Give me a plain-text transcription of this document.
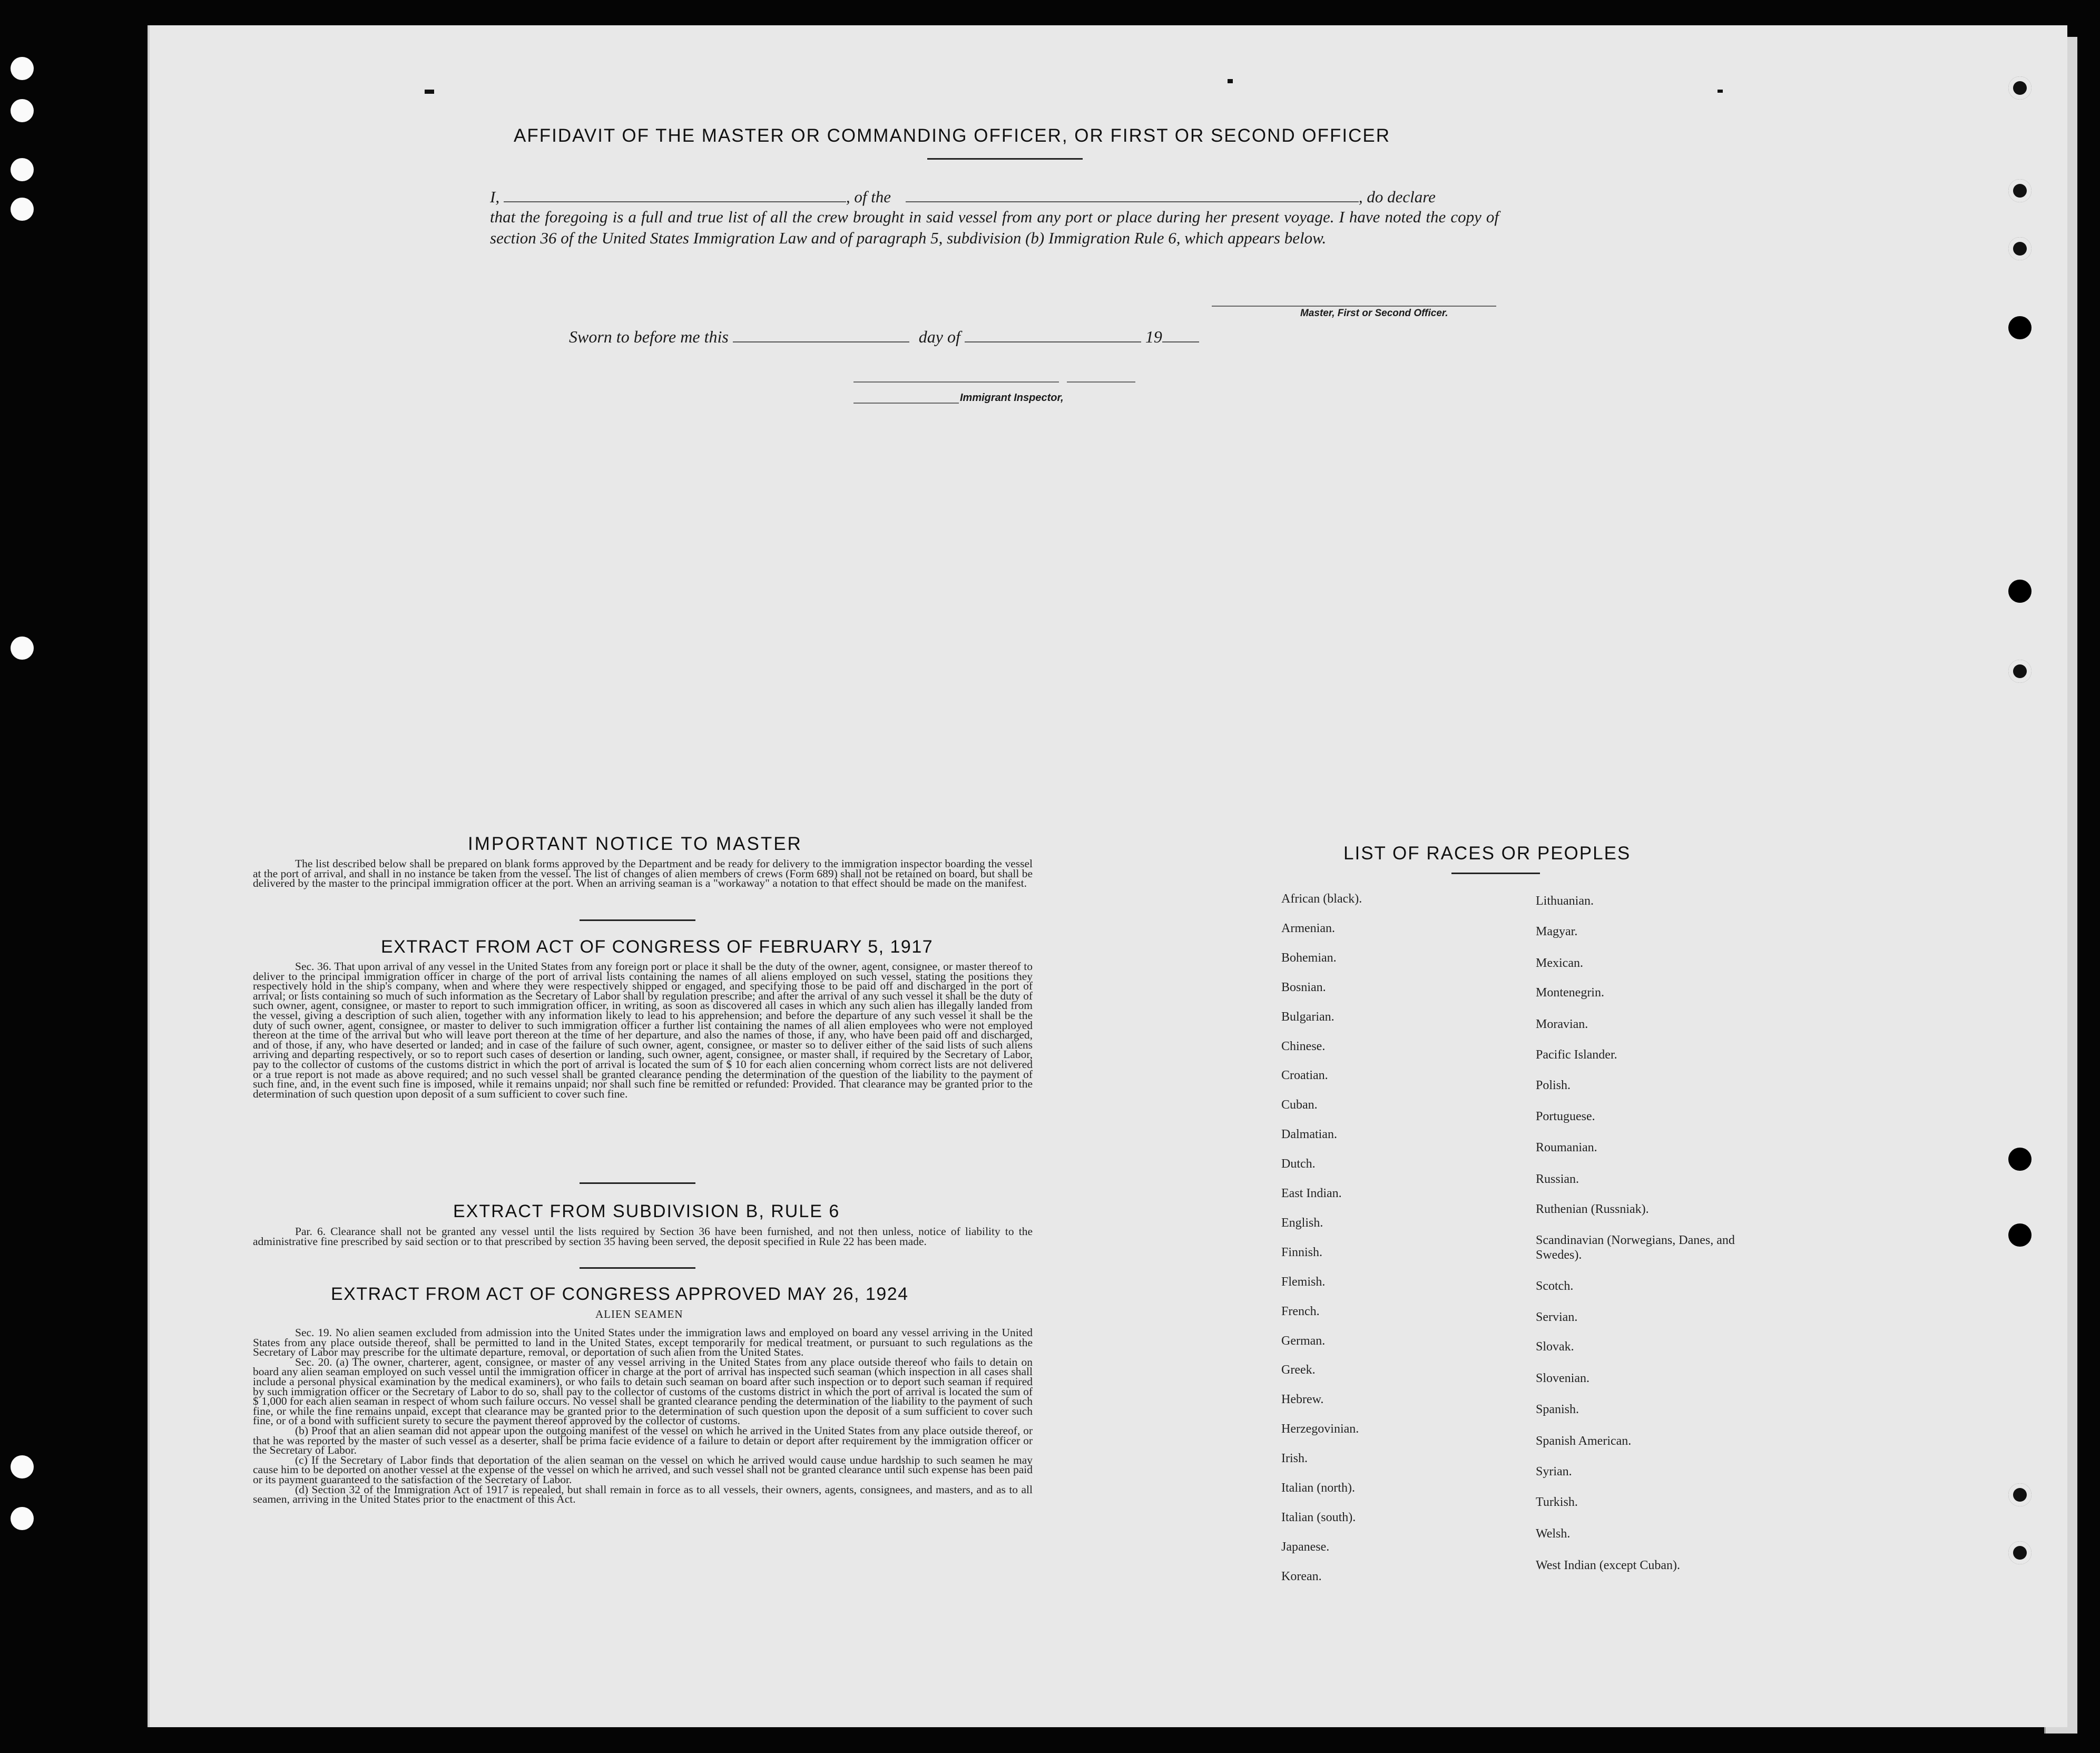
AFFIDAVIT OF THE MASTER OR COMMANDING OFFICER, OR FIRST OR SECOND OFFICER
I,	, of the	, do declare
that the foregoing is a full and true list of all the crew brought in said vessel from any port or place during her present voyage. I have noted the copy of section 36 of the United States Immigration Law and of paragraph 5, subdivision (b) Immigration Rule 6, which appears below.
Master, First or Second Officer.
Sworn to before me this	day of	19
Immigrant Inspector,
IMPORTANT NOTICE TO MASTER

The list described below shall be prepared on blank forms approved by the Department and be ready for delivery to the immigration inspector boarding the vessel at the port of arrival, and shall in no instance be taken from the vessel. The list of changes of alien members of crews (Form 689) shall not be retained on board, but shall be delivered by the master to the principal immigration officer at the port. When an arriving seaman is a "workaway" a notation to that effect should be made on the manifest.

EXTRACT FROM ACT OF CONGRESS OF FEBRUARY 5, 1917

Sec. 36. That upon arrival of any vessel in the United States from any foreign port or place it shall be the duty of the owner, agent, consignee, or master thereof to deliver to the principal immigration officer in charge of the port of arrival lists containing the names of all aliens employed on such vessel, stating the positions they respectively hold in the ship's company, when and where they were respectively shipped or engaged, and specifying those to be paid off and discharged in the port of arrival; or lists containing so much of such information as the Secretary of Labor shall by regulation prescribe; and after the arrival of any such vessel it shall be the duty of such owner, agent, consignee, or master to report to such immigration officer, in writing, as soon as discovered all cases in which any such alien has illegally landed from the vessel, giving a description of such alien, together with any information likely to lead to his apprehension; and before the departure of any such vessel it shall be the duty of such owner, agent, consignee, or master to deliver to such immigration officer a further list containing the names of all alien employees who were not employed thereon at the time of the arrival but who will leave port thereon at the time of her departure, and also the names of those, if any, who have been paid off and discharged, and of those, if any, who have deserted or landed; and in case of the failure of such owner, agent, consignee, or master so to deliver either of the said lists of such aliens arriving and departing respectively, or so to report such cases of desertion or landing, such owner, agent, consignee, or master shall, if required by the Secretary of Labor, pay to the collector of customs of the customs district in which the port of arrival is located the sum of $ 10 for each alien concerning whom correct lists are not delivered or a true report is not made as above required; and no such vessel shall be granted clearance pending the determination of the question of the liability to the payment of such fine, and, in the event such fine is imposed, while it remains unpaid; nor shall such fine be remitted or refunded: Provided. That clearance may be granted prior to the determination of such question upon deposit of a sum sufficient to cover such fine.

EXTRACT FROM SUBDIVISION B, RULE 6

Par. 6. Clearance shall not be granted any vessel until the lists required by Section 36 have been furnished, and not then unless, notice of liability to the administrative fine prescribed by said section or to that prescribed by section 35 having been served, the deposit specified in Rule 22 has been made.

EXTRACT FROM ACT OF CONGRESS APPROVED MAY 26, 1924
ALIEN SEAMEN

Sec. 19. No alien seamen excluded from admission into the United States under the immigration laws and employed on board any vessel arriving in the United States from any place outside thereof, shall be permitted to land in the United States, except temporarily for medical treatment, or pursuant to such regulations as the Secretary of Labor may prescribe for the ultimate departure, removal, or deportation of such alien from the United States.

Sec. 20. (a) The owner, charterer, agent, consignee, or master of any vessel arriving in the United States from any place outside thereof who fails to detain on board any alien seaman employed on such vessel until the immigration officer in charge at the port of arrival has inspected such seaman (which inspection in all cases shall include a personal physical examination by the medical examiners), or who fails to detain such seaman on board after such inspection or to deport such seaman if required by such immigration officer or the Secretary of Labor to do so, shall pay to the collector of customs of the customs district in which the port of arrival is located the sum of $ 1,000 for each alien seaman in respect of whom such failure occurs. No vessel shall be granted clearance pending the determination of the liability to the payment of such fine, or while the fine remains unpaid, except that clearance may be granted prior to the determination of such question upon the deposit of a sum sufficient to cover such fine, or of a bond with sufficient surety to secure the payment thereof approved by the collector of customs.

(b) Proof that an alien seaman did not appear upon the outgoing manifest of the vessel on which he arrived in the United States from any place outside thereof, or that he was reported by the master of such vessel as a deserter, shall be prima facie evidence of a failure to detain or deport after requirement by the immigration officer or the Secretary of Labor.

(c) If the Secretary of Labor finds that deportation of the alien seaman on the vessel on which he arrived would cause undue hardship to such seamen he may cause him to be deported on another vessel at the expense of the vessel on which he arrived, and such vessel shall not be granted clearance until such expense has been paid or its payment guaranteed to the satisfaction of the Secretary of Labor.

(d) Section 32 of the Immigration Act of 1917 is repealed, but shall remain in force as to all vessels, their owners, agents, consignees, and masters, and as to all seamen, arriving in the United States prior to the enactment of this Act.

LIST OF RACES OR PEOPLES
African (black).
Armenian.
Bohemian.
Bosnian.
Bulgarian.
Chinese.
Croatian.
Cuban.
Dalmatian.
Dutch.
East Indian.
English.
Finnish.
Flemish.
French.
German.
Greek.
Hebrew.
Herzegovinian.
Irish.
Italian (north).
Italian (south).
Japanese.
Korean.
Lithuanian.
Magyar.
Mexican.
Montenegrin.
Moravian.
Pacific Islander.
Polish.
Portuguese.
Roumanian.
Russian.
Ruthenian (Russniak).
Scandinavian (Norwegians, Danes, and Swedes).
Scotch.
Servian.
Slovak.
Slovenian.
Spanish.
Spanish American.
Syrian.
Turkish.
Welsh.
West Indian (except Cuban).
